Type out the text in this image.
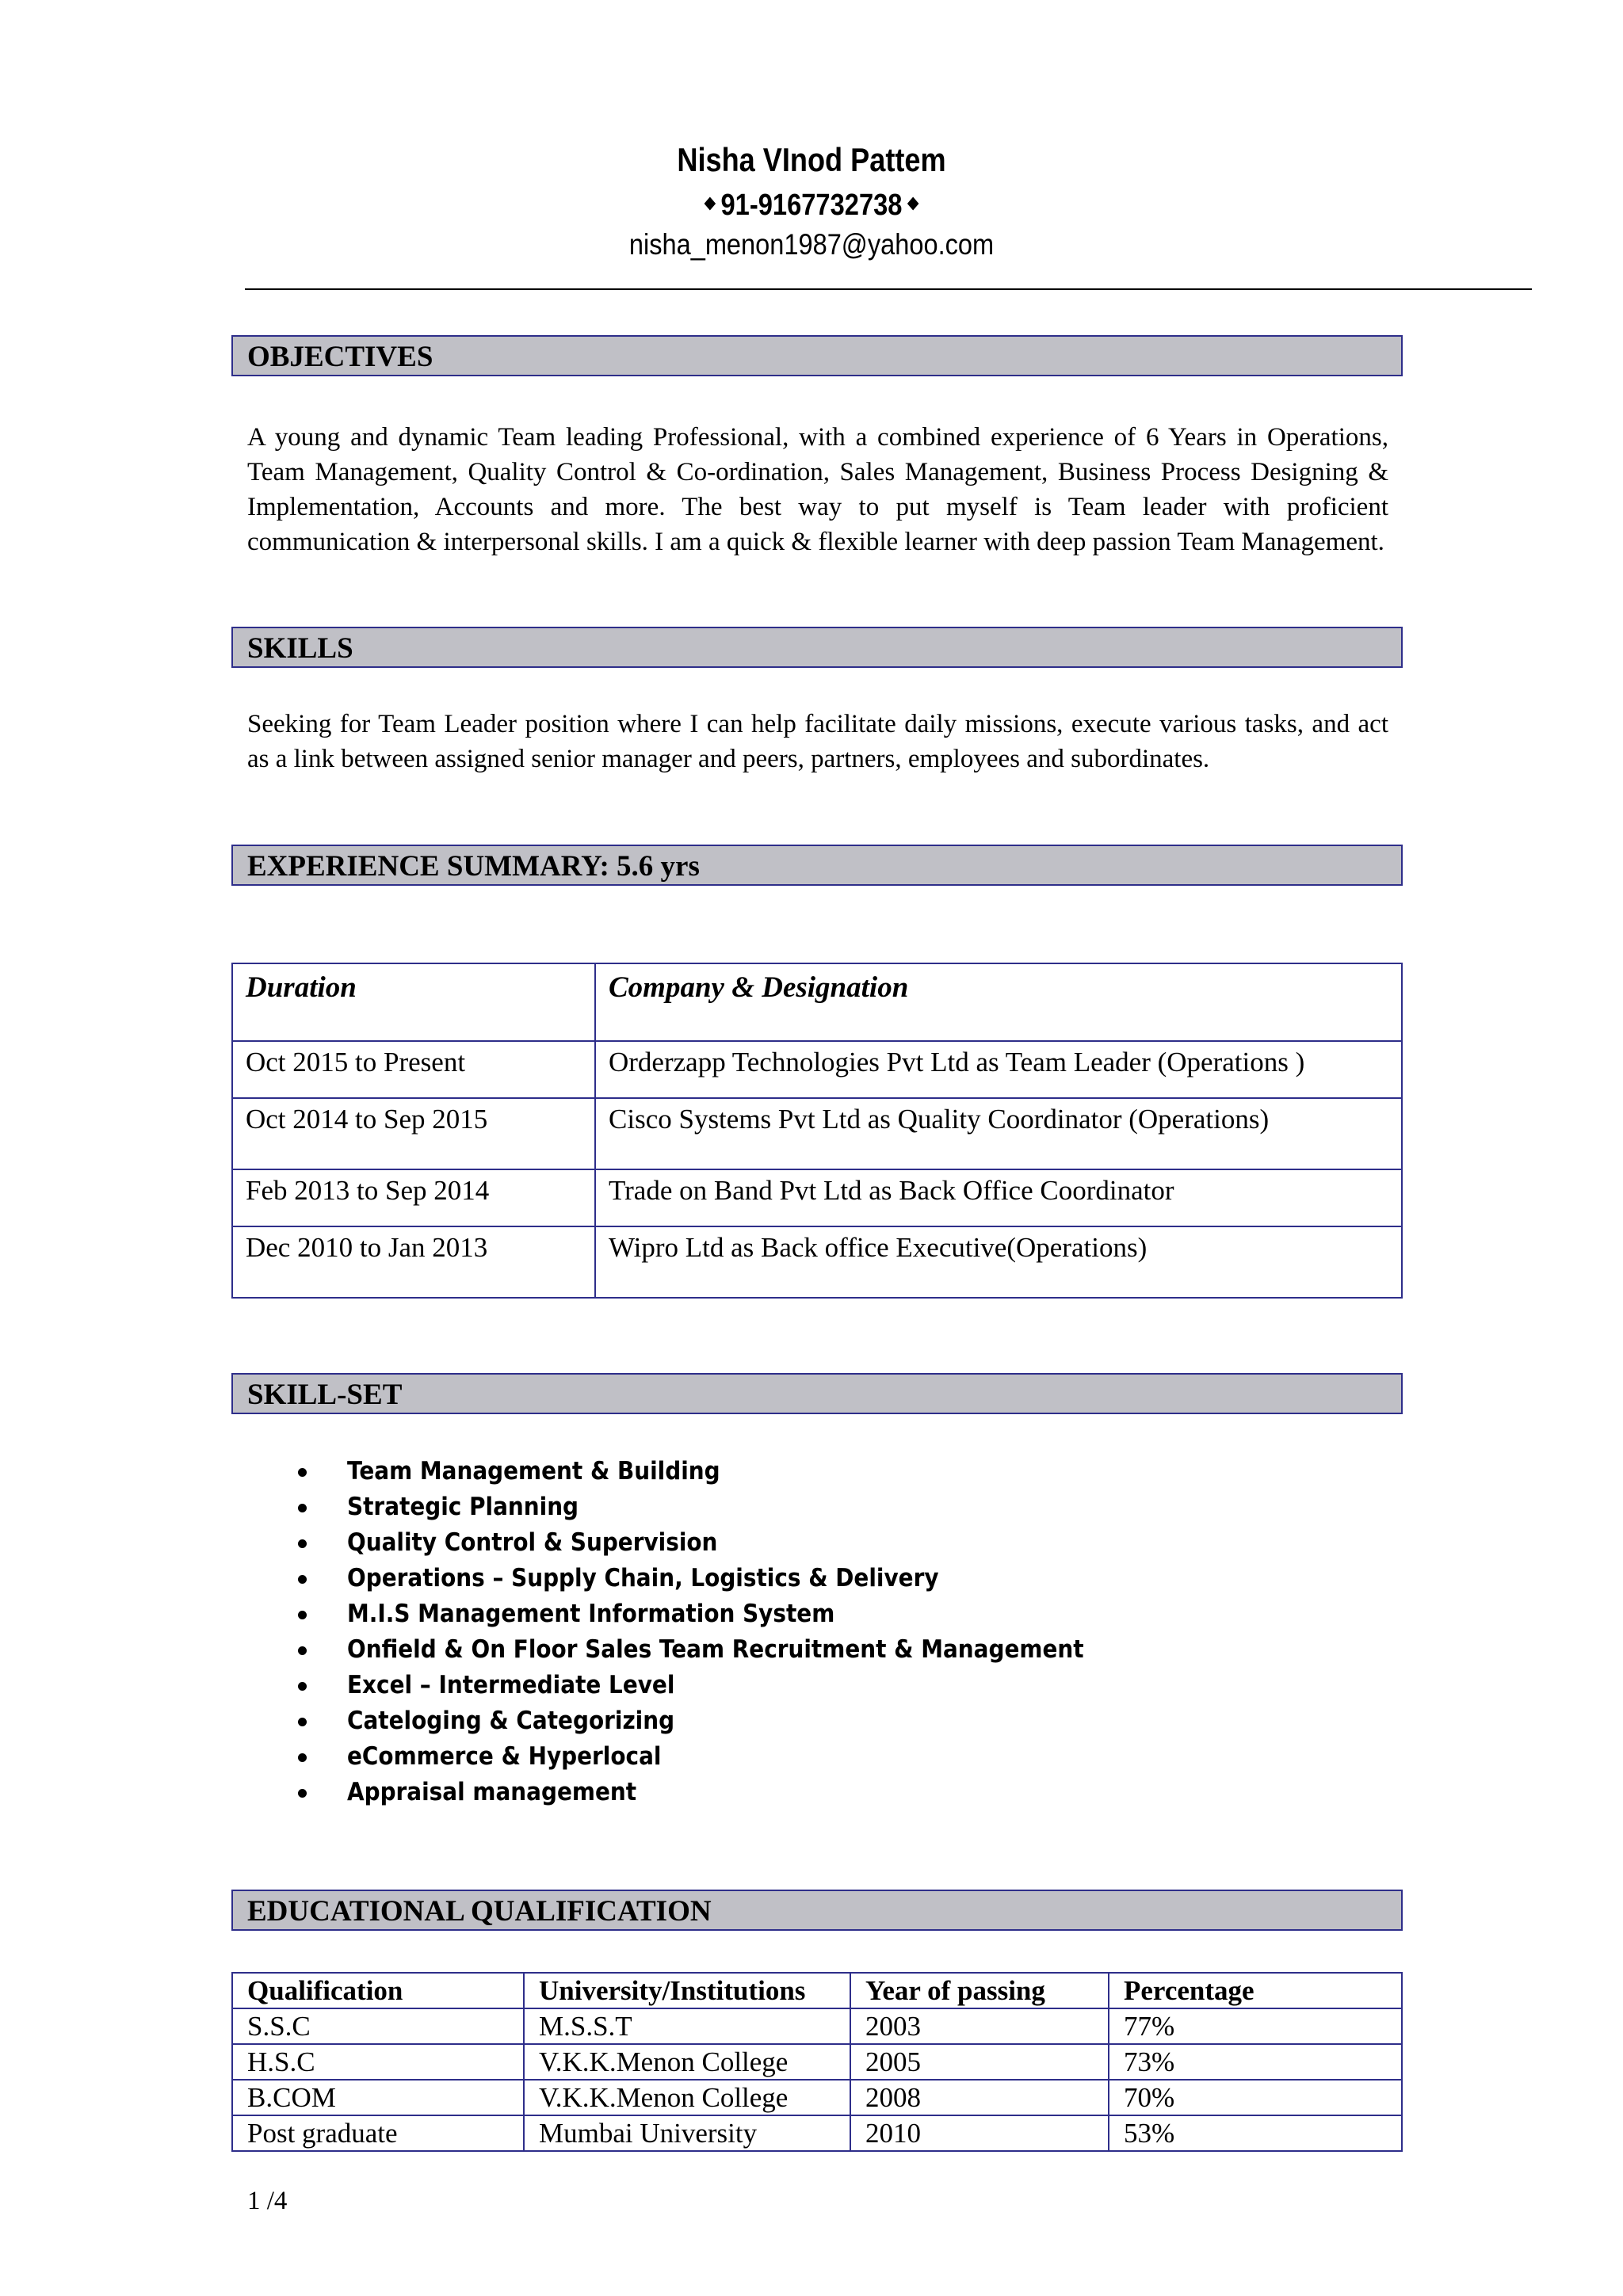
Nisha VInod Pattem
91-9167732738
nisha_menon1987@yahoo.com
OBJECTIVES

A young and dynamic Team leading Professional, with a combined experience of 6 Years in Operations, Team Management, Quality Control & Co-ordination, Sales Management, Business Process Designing & Implementation, Accounts and more. The best way to put myself is Team leader with proficient communication & interpersonal skills. I am a quick & flexible learner with deep passion Team Management.

SKILLS

Seeking for Team Leader position where I can help facilitate daily missions, execute various tasks, and act as a link between assigned senior manager and peers, partners, employees and subordinates.

EXPERIENCE SUMMARY: 5.6 yrs
Duration	Company & Designation
Oct 2015 to Present	Orderzapp Technologies Pvt Ltd as Team Leader (Operations )
Oct 2014 to Sep 2015	Cisco Systems Pvt Ltd as Quality Coordinator (Operations)
Feb 2013 to Sep 2014	Trade on Band Pvt Ltd as Back Office Coordinator
Dec 2010 to Jan 2013	Wipro Ltd as Back office Executive(Operations)
SKILL-SET
Team Management & Building
Strategic Planning
Quality Control & Supervision
Operations – Supply Chain, Logistics & Delivery
M.I.S Management Information System
Onfield & On Floor Sales Team Recruitment & Management
Excel – Intermediate Level
Cateloging & Categorizing
eCommerce & Hyperlocal
Appraisal management
EDUCATIONAL QUALIFICATION
Qualification	University/Institutions	Year of passing	Percentage
S.S.C	M.S.S.T	2003	77%
H.S.C	V.K.K.Menon College	2005	73%
B.COM	V.K.K.Menon College	2008	70%
Post graduate	Mumbai University	2010	53%
1 /4
